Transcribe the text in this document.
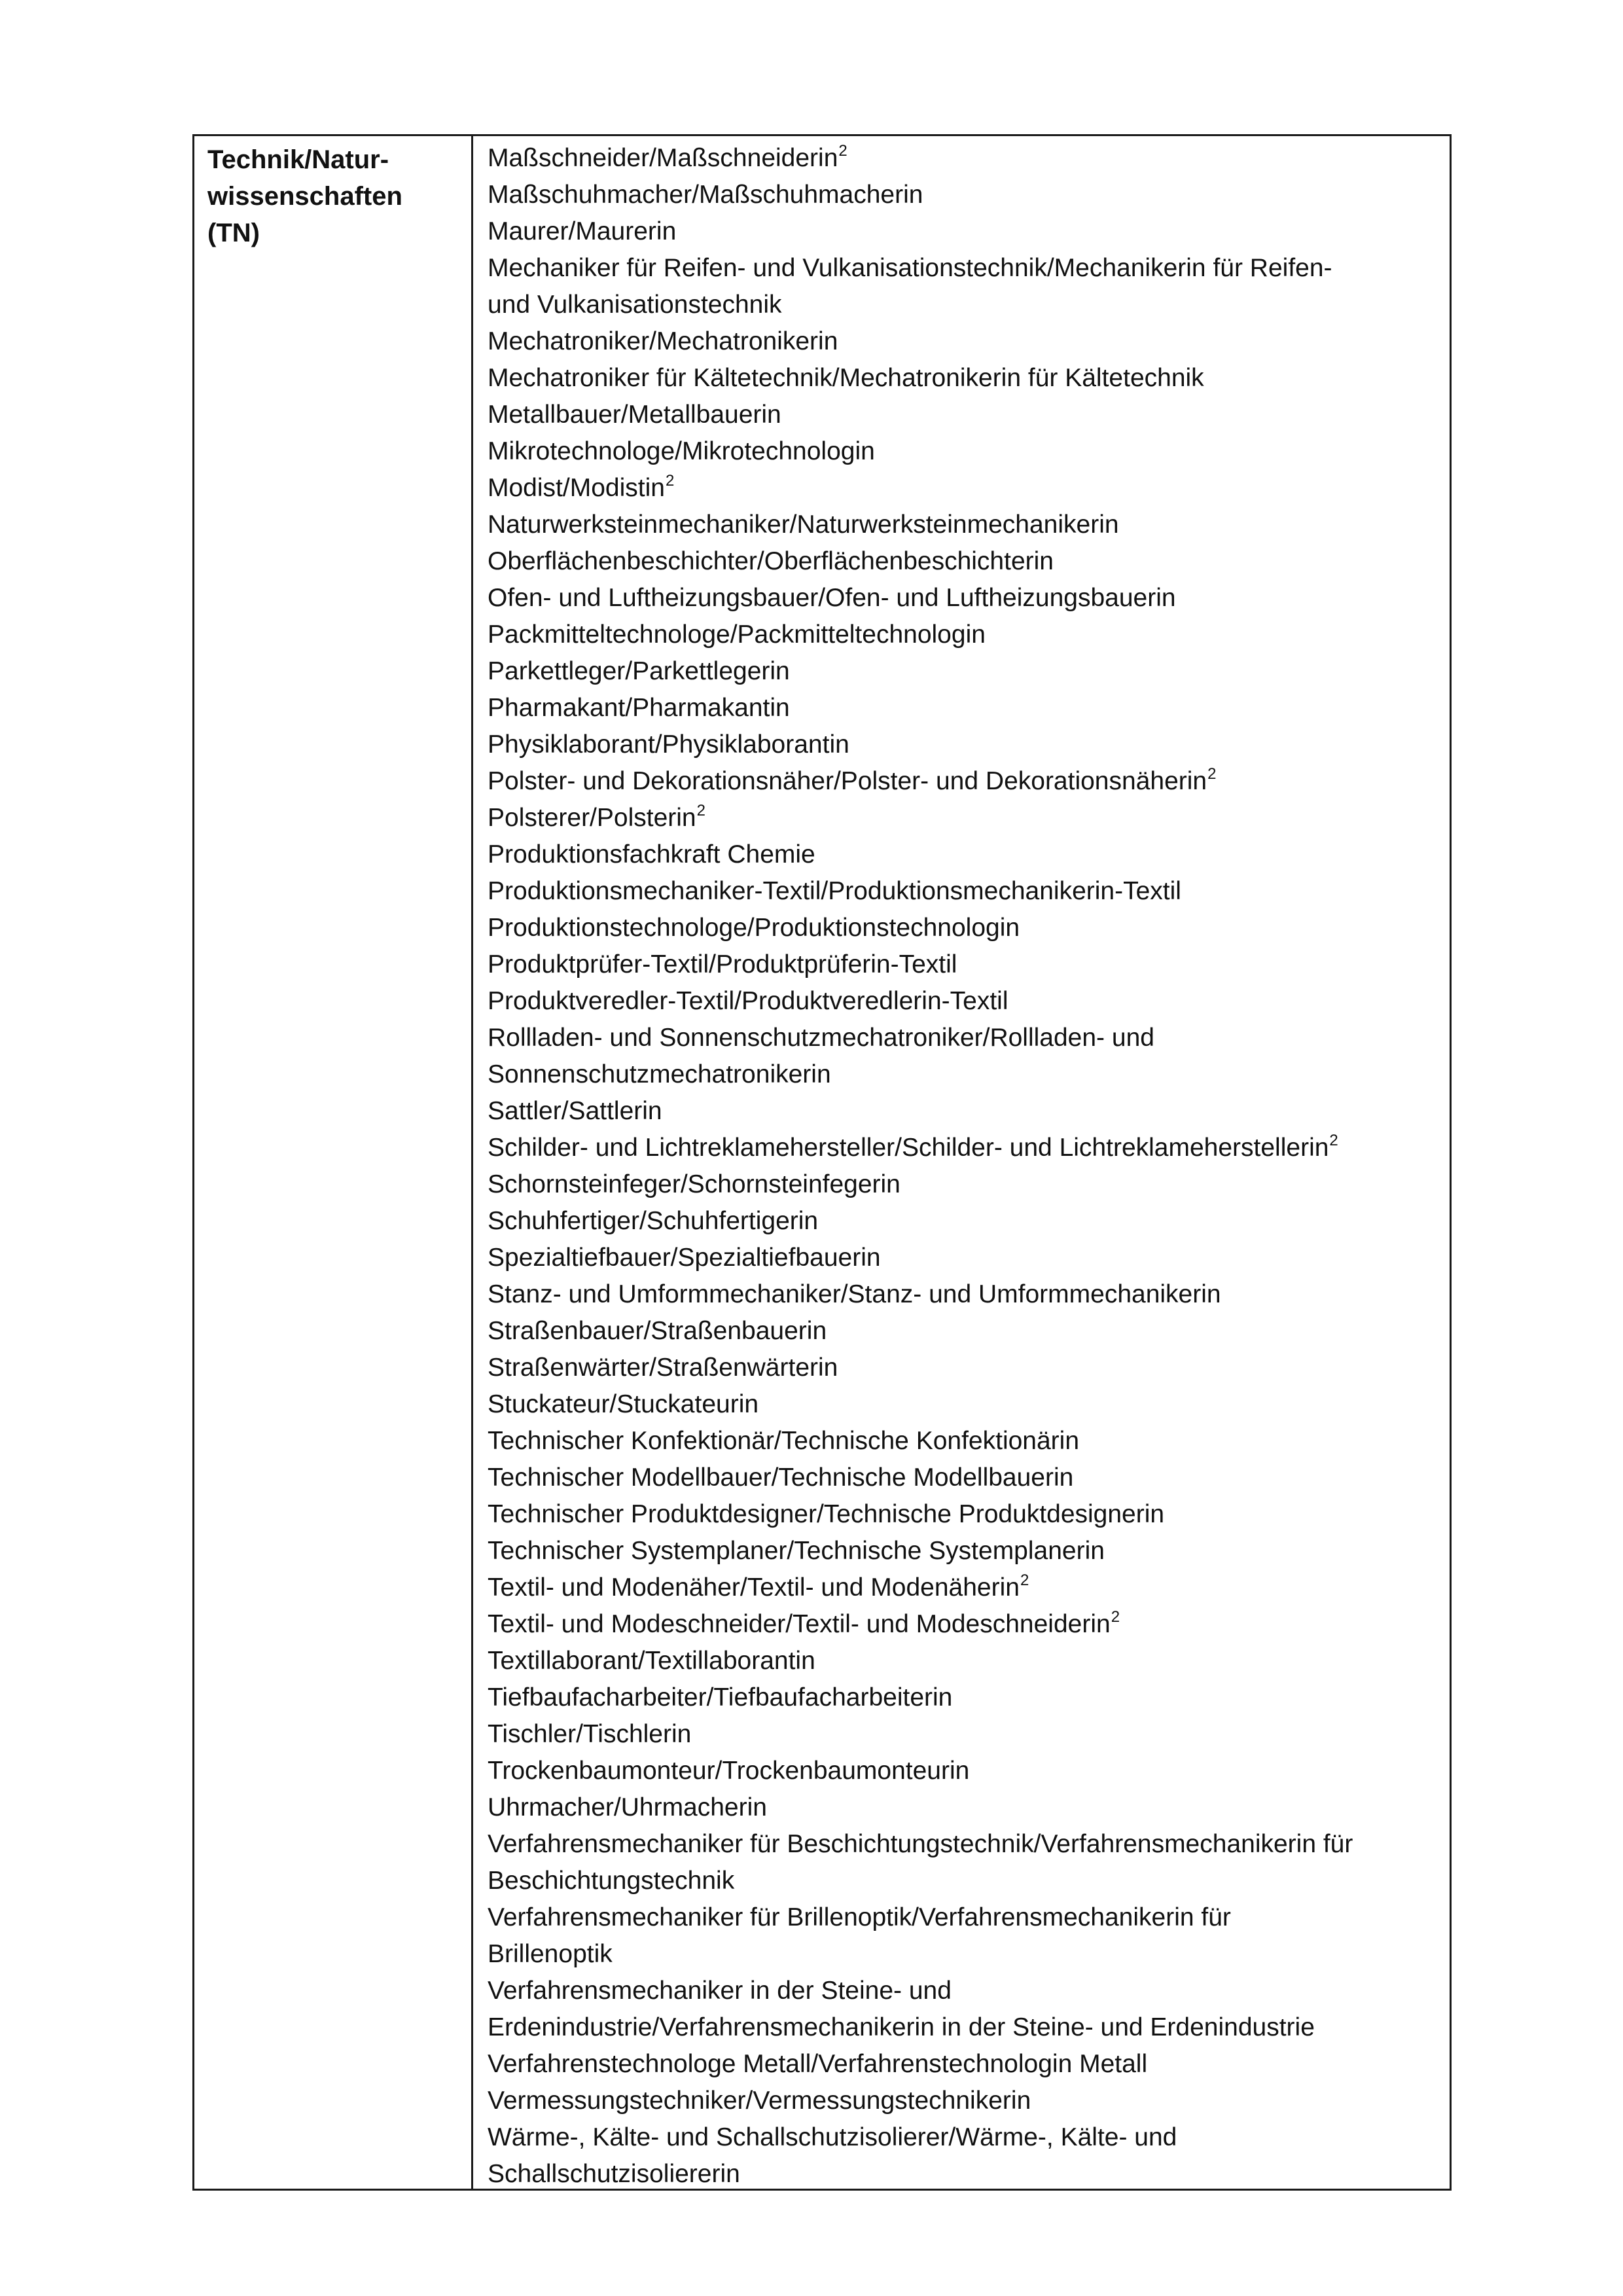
Technik/Natur-
wissenschaften
(TN)
Maßschneider/Maßschneiderin$^2$
Maßschuhmacher/Maßschuhmacherin
Maurer/Maurerin
Mechaniker für Reifen- und Vulkanisationstechnik/Mechanikerin für Reifen-
und Vulkanisationstechnik
Mechatroniker/Mechatronikerin
Mechatroniker für Kältetechnik/Mechatronikerin für Kältetechnik
Metallbauer/Metallbauerin
Mikrotechnologe/Mikrotechnologin
Modist/Modistin$^2$
Naturwerksteinmechaniker/Naturwerksteinmechanikerin
Oberflächenbeschichter/Oberflächenbeschichterin
Ofen- und Luftheizungsbauer/Ofen- und Luftheizungsbauerin
Packmitteltechnologe/Packmitteltechnologin
Parkettleger/Parkettlegerin
Pharmakant/Pharmakantin
Physiklaborant/Physiklaborantin
Polster- und Dekorationsnäher/Polster- und Dekorationsnäherin$^2$
Polsterer/Polsterin$^2$
Produktionsfachkraft Chemie
Produktionsmechaniker-Textil/Produktionsmechanikerin-Textil
Produktionstechnologe/Produktionstechnologin
Produktprüfer-Textil/Produktprüferin-Textil
Produktveredler-Textil/Produktveredlerin-Textil
Rollladen- und Sonnenschutzmechatroniker/Rollladen- und
Sonnenschutzmechatronikerin
Sattler/Sattlerin
Schilder- und Lichtreklamehersteller/Schilder- und Lichtreklameherstellerin$^2$
Schornsteinfeger/Schornsteinfegerin
Schuhfertiger/Schuhfertigerin
Spezialtiefbauer/Spezialtiefbauerin
Stanz- und Umformmechaniker/Stanz- und Umformmechanikerin
Straßenbauer/Straßenbauerin
Straßenwärter/Straßenwärterin
Stuckateur/Stuckateurin
Technischer Konfektionär/Technische Konfektionärin
Technischer Modellbauer/Technische Modellbauerin
Technischer Produktdesigner/Technische Produktdesignerin
Technischer Systemplaner/Technische Systemplanerin
Textil- und Modenäher/Textil- und Modenäherin$^2$
Textil- und Modeschneider/Textil- und Modeschneiderin$^2$
Textillaborant/Textillaborantin
Tiefbaufacharbeiter/Tiefbaufacharbeiterin
Tischler/Tischlerin
Trockenbaumonteur/Trockenbaumonteurin
Uhrmacher/Uhrmacherin
Verfahrensmechaniker für Beschichtungstechnik/Verfahrensmechanikerin für
Beschichtungstechnik
Verfahrensmechaniker für Brillenoptik/Verfahrensmechanikerin für
Brillenoptik
Verfahrensmechaniker in der Steine- und
Erdenindustrie/Verfahrensmechanikerin in der Steine- und Erdenindustrie
Verfahrenstechnologe Metall/Verfahrenstechnologin Metall
Vermessungstechniker/Vermessungstechnikerin
Wärme-, Kälte- und Schallschutzisolierer/Wärme-, Kälte- und
Schallschutzisoliererin
